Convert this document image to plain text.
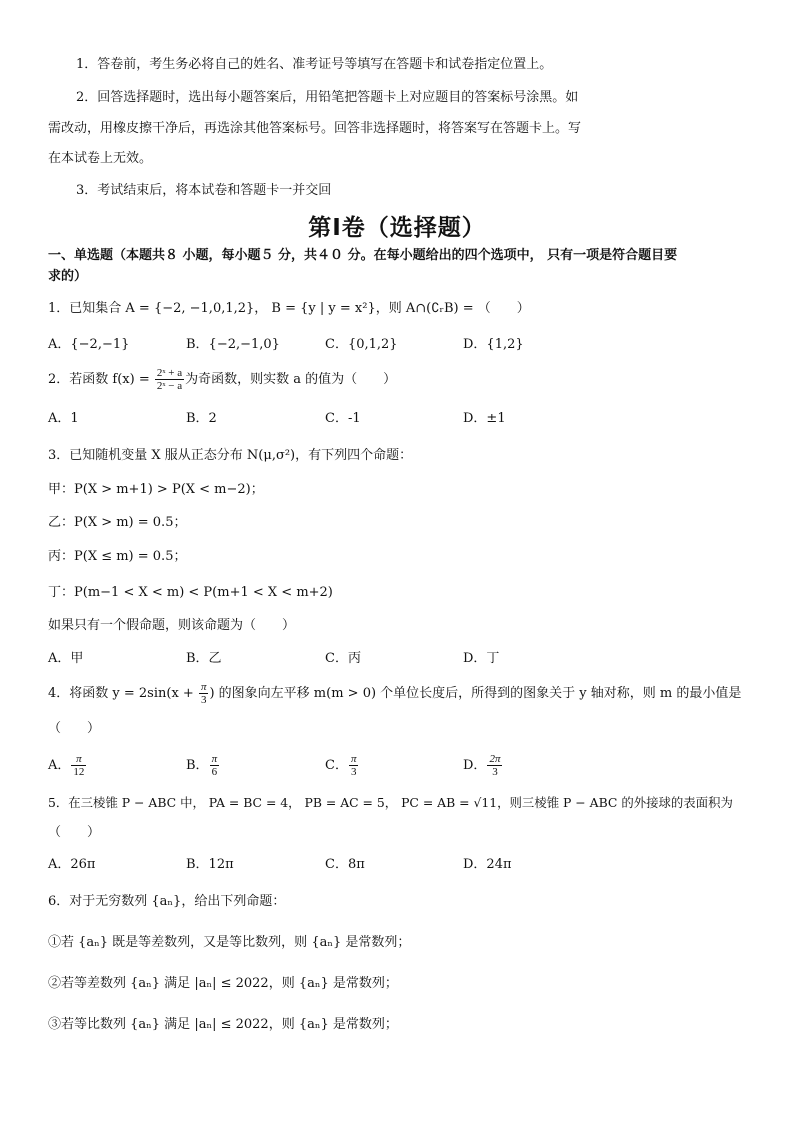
1．答卷前，考生务必将自己的姓名、准考证号等填写在答题卡和试卷指定位置上。
2．回答选择题时，选出每小题答案后，用铅笔把答题卡上对应题目的答案标号涂黑。如
需改动，用橡皮擦干净后，再选涂其他答案标号。回答非选择题时，将答案写在答题卡上。写
在本试卷上无效。
3．考试结束后，将本试卷和答题卡一并交回
第Ⅰ卷（选择题）
一、单选题（本题共８ 小题，每小题５ 分，共４０ 分。在每小题给出的四个选项中， 只有一项是符合题目要
求的）
1．已知集合 A = {−2, −1,0,1,2}， B = {y | y = x²}，则 A∩(∁ᵣB) = （　　）
A．{−2,−1}	B．{−2,−1,0}	C．{0,1,2}	D．{1,2}
2．若函数 $f(x) = \frac{\text{2ˣ + a}}{\text{2ˣ − a}}$ 为奇函数，则实数 a 的值为（　　）
A．1	B．2	C．-1	D．±1
3．已知随机变量 X 服从正态分布 N(μ,σ²)，有下列四个命题：
甲：P(X > m+1) > P(X < m−2)；
乙：P(X > m) = 0.5；
丙：P(X ≤ m) = 0.5；
丁：P(m−1 < X < m) < P(m+1 < X < m+2)
如果只有一个假命题，则该命题为（　　）
A．甲	B．乙	C．丙	D．丁
4．将函数 $y = 2\sin(x + \frac{\pi}{3}$ ) 的图象向左平移 m(m > 0) 个单位长度后，所得到的图象关于 y 轴对称，则 m 的最小值是
（　　）
A． $\frac{\pi}{12}$	B． $\frac{\pi}{6}$	C． $\frac{\pi}{3}$	D． $\frac{2\pi}{3}$
5．在三棱锥 P − ABC 中， PA = BC = 4， PB = AC = 5， PC = AB = √11，则三棱锥 P − ABC 的外接球的表面积为
（　　）
A．26π	B．12π	C．8π	D．24π
6．对于无穷数列 {aₙ}，给出下列命题：
①若 {aₙ} 既是等差数列，又是等比数列，则 {aₙ} 是常数列；
②若等差数列 {aₙ} 满足 |aₙ| ≤ 2022，则 {aₙ} 是常数列；
③若等比数列 {aₙ} 满足 |aₙ| ≤ 2022，则 {aₙ} 是常数列；
